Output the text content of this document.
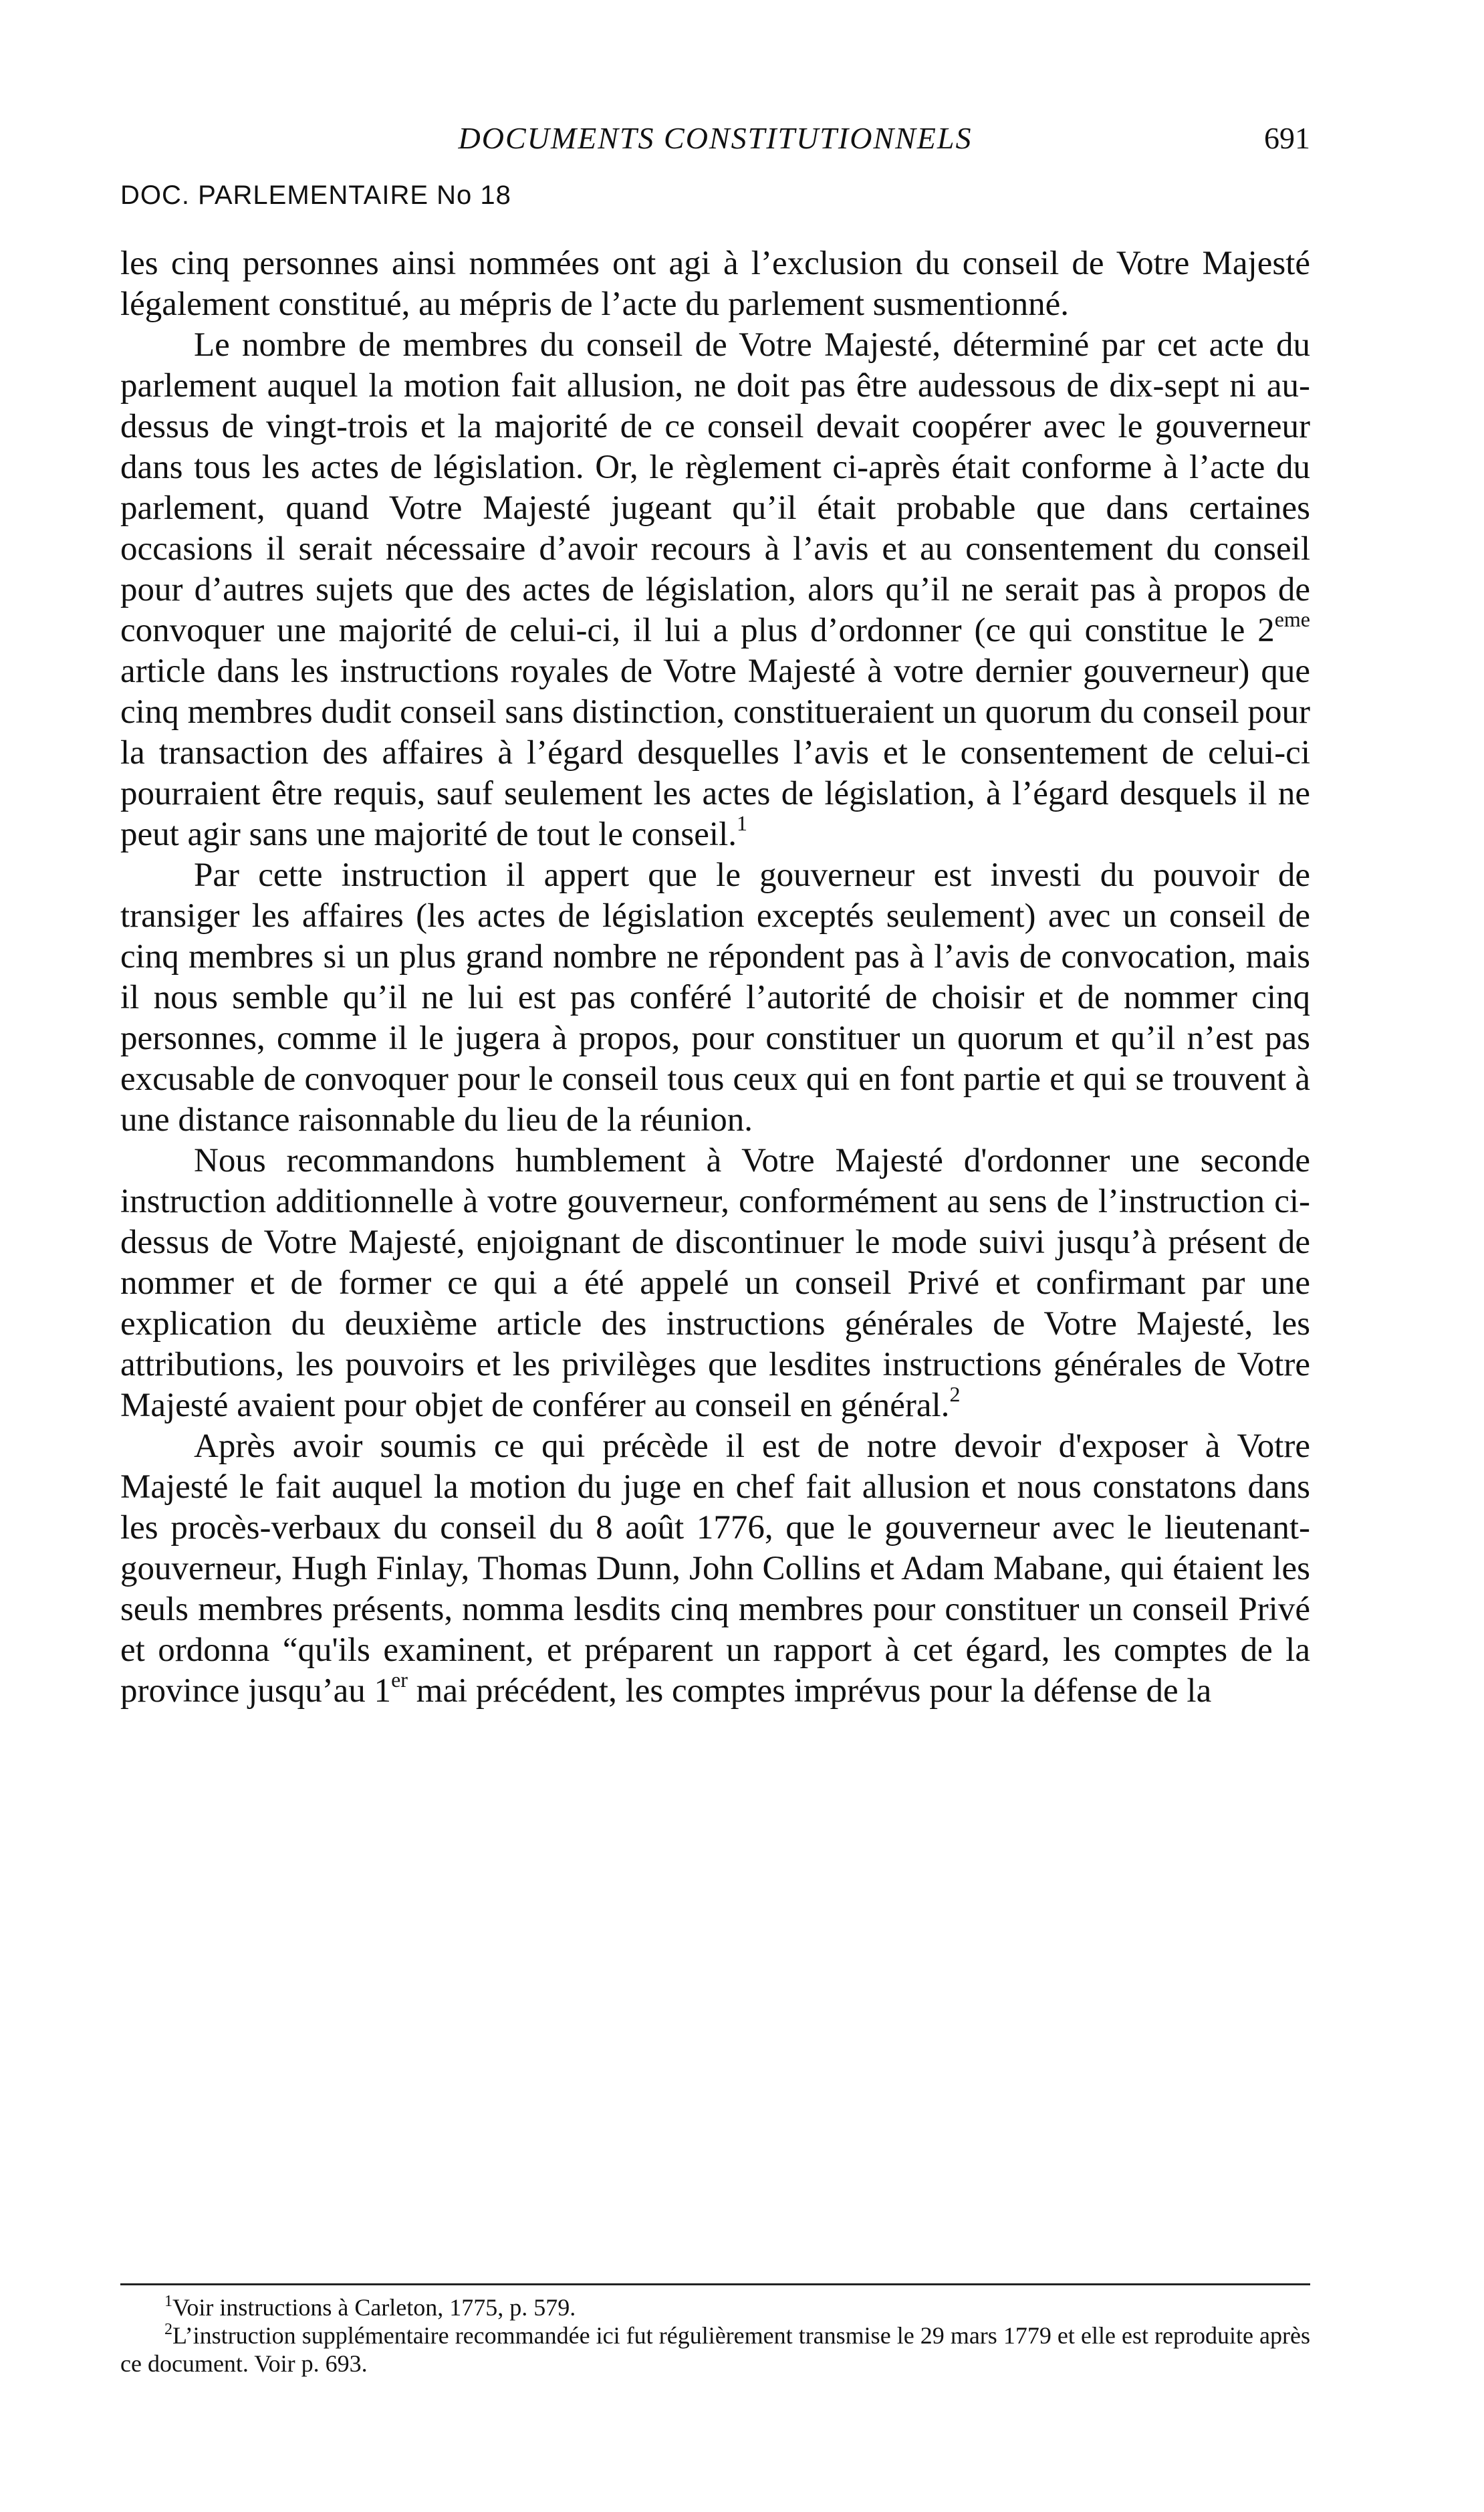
DOCUMENTS CONSTITUTIONNELS	691
DOC. PARLEMENTAIRE No 18

les cinq personnes ainsi nommées ont agi à l’exclusion du conseil de Votre Majesté légalement constitué, au mépris de l’acte du parlement susmentionné.

Le nombre de membres du conseil de Votre Majesté, déterminé par cet acte du parlement auquel la motion fait allusion, ne doit pas être audessous de dix-sept ni au-dessus de vingt-trois et la majorité de ce conseil devait coopérer avec le gouverneur dans tous les actes de législation. Or, le règlement ci-après était conforme à l’acte du parlement, quand Votre Majesté jugeant qu’il était probable que dans certaines occasions il serait nécessaire d’avoir recours à l’avis et au consentement du conseil pour d’autres sujets que des actes de législation, alors qu’il ne serait pas à propos de convoquer une majorité de celui-ci, il lui a plus d’ordonner (ce qui constitue le 2eme article dans les instructions royales de Votre Majesté à votre dernier gouverneur) que cinq membres dudit conseil sans distinction, constitueraient un quorum du conseil pour la transaction des affaires à l’égard desquelles l’avis et le consentement de celui-ci pourraient être requis, sauf seulement les actes de législation, à l’égard desquels il ne peut agir sans une majorité de tout le conseil.$^1$

Par cette instruction il appert que le gouverneur est investi du pouvoir de transiger les affaires (les actes de législation exceptés seulement) avec un conseil de cinq membres si un plus grand nombre ne répondent pas à l’avis de convocation, mais il nous semble qu’il ne lui est pas conféré l’autorité de choisir et de nommer cinq personnes, comme il le jugera à propos, pour constituer un quorum et qu’il n’est pas excusable de convoquer pour le conseil tous ceux qui en font partie et qui se trouvent à une distance raisonnable du lieu de la réunion.

Nous recommandons humblement à Votre Majesté d'ordonner une seconde instruction additionnelle à votre gouverneur, conformément au sens de l’instruction ci-dessus de Votre Majesté, enjoignant de discontinuer le mode suivi jusqu’à présent de nommer et de former ce qui a été appelé un conseil Privé et confirmant par une explication du deuxième article des instructions générales de Votre Majesté, les attributions, les pouvoirs et les privilèges que lesdites instructions générales de Votre Majesté avaient pour objet de conférer au conseil en général.$^2$

Après avoir soumis ce qui précède il est de notre devoir d'exposer à Votre Majesté le fait auquel la motion du juge en chef fait allusion et nous constatons dans les procès-verbaux du conseil du 8 août 1776, que le gouverneur avec le lieutenant-gouverneur, Hugh Finlay, Thomas Dunn, John Collins et Adam Mabane, qui étaient les seuls membres présents, nomma lesdits cinq membres pour constituer un conseil Privé et ordonna “qu'ils examinent, et préparent un rapport à cet égard, les comptes de la province jusqu’au 1er mai précédent, les comptes imprévus pour la défense de la

$^1$Voir instructions à Carleton, 1775, p. 579.

$^2$L’instruction supplémentaire recommandée ici fut régulièrement transmise le 29 mars 1779 et elle est reproduite après ce document. Voir p. 693.
